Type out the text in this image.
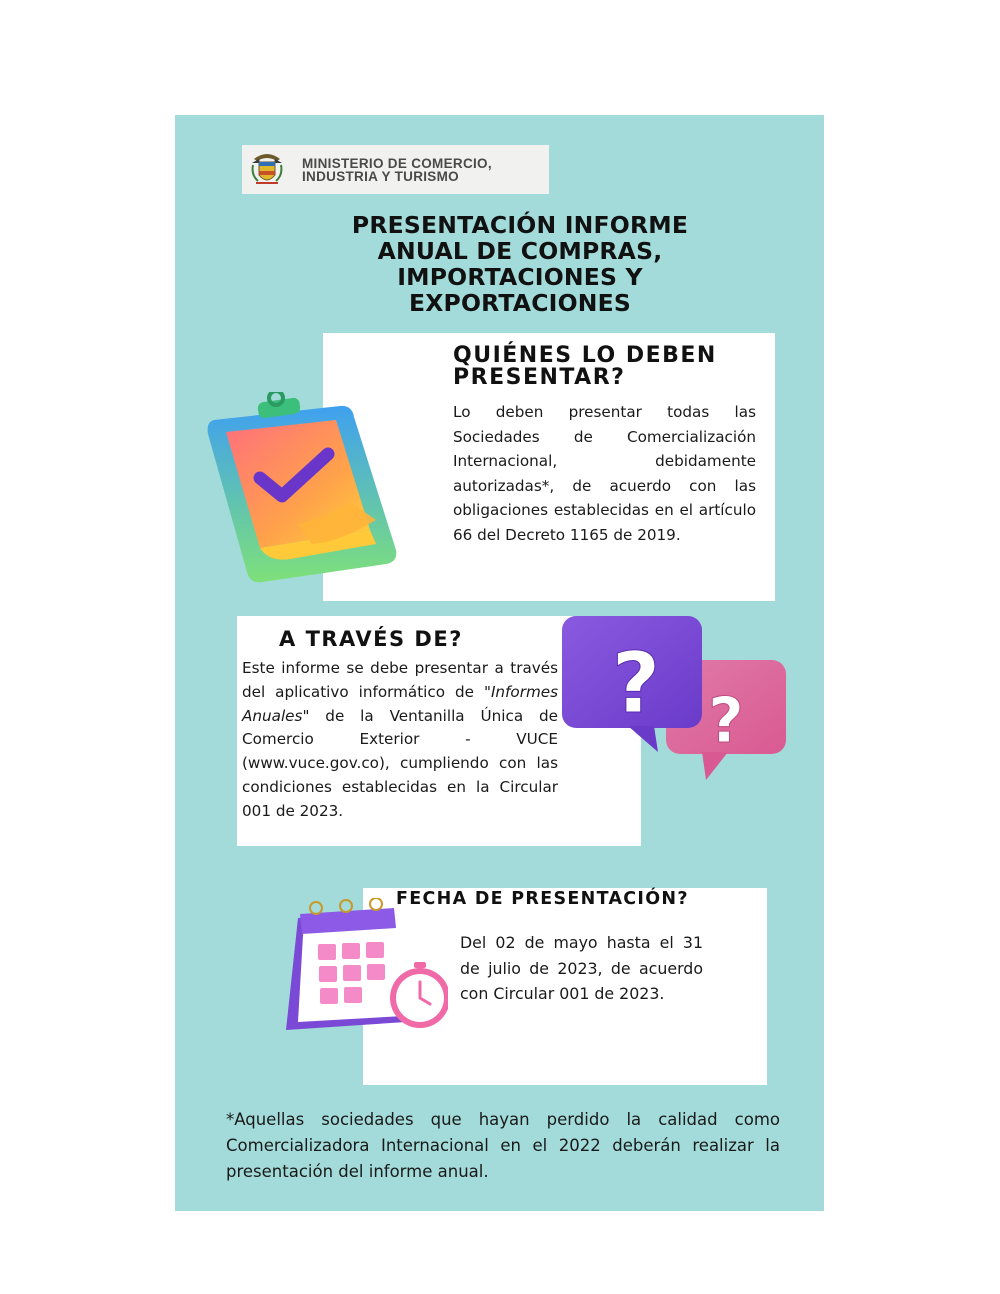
MINISTERIO DE COMERCIO,
INDUSTRIA Y TURISMO
PRESENTACIÓN INFORME
ANUAL DE COMPRAS,
IMPORTACIONES Y
EXPORTACIONES
QUIÉNES LO DEBEN
PRESENTAR?
Lo deben presentar todas las Sociedades de Comercialización Internacional, debidamente autorizadas*, de acuerdo con las obligaciones establecidas en el artículo 66 del Decreto 1165 de 2019.
A TRAVÉS DE?
Este informe se debe presentar a través del aplicativo informático de "Informes Anuales" de la Ventanilla Única de Comercio Exterior - VUCE (www.vuce.gov.co), cumpliendo con las condiciones establecidas en la Circular 001 de 2023.
?
?
FECHA DE PRESENTACIÓN?
Del 02 de mayo hasta el 31 de julio de 2023, de acuerdo con Circular 001 de 2023.
*Aquellas sociedades que hayan perdido la calidad como Comercializadora Internacional en el 2022 deberán realizar la presentación del informe anual.
